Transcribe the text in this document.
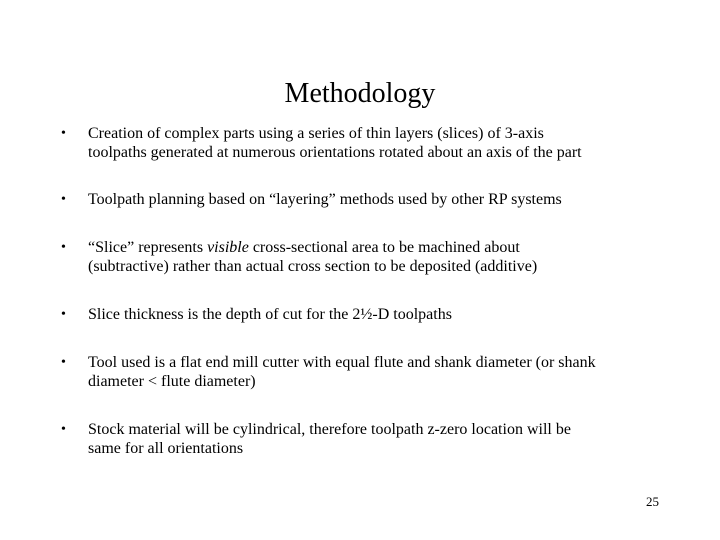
Methodology
•	Creation of complex parts using a series of thin layers (slices) of 3-axis
toolpaths generated at numerous orientations rotated about an axis of the part
•	Toolpath planning based on “layering” methods used by other RP systems
•	“Slice” represents visible cross-sectional area to be machined about
(subtractive) rather than actual cross section to be deposited (additive)
•	Slice thickness is the depth of cut for the 2½-D toolpaths
•	Tool used is a flat end mill cutter with equal flute and shank diameter (or shank
diameter < flute diameter)
•	Stock material will be cylindrical, therefore toolpath z-zero location will be
same for all orientations
25
